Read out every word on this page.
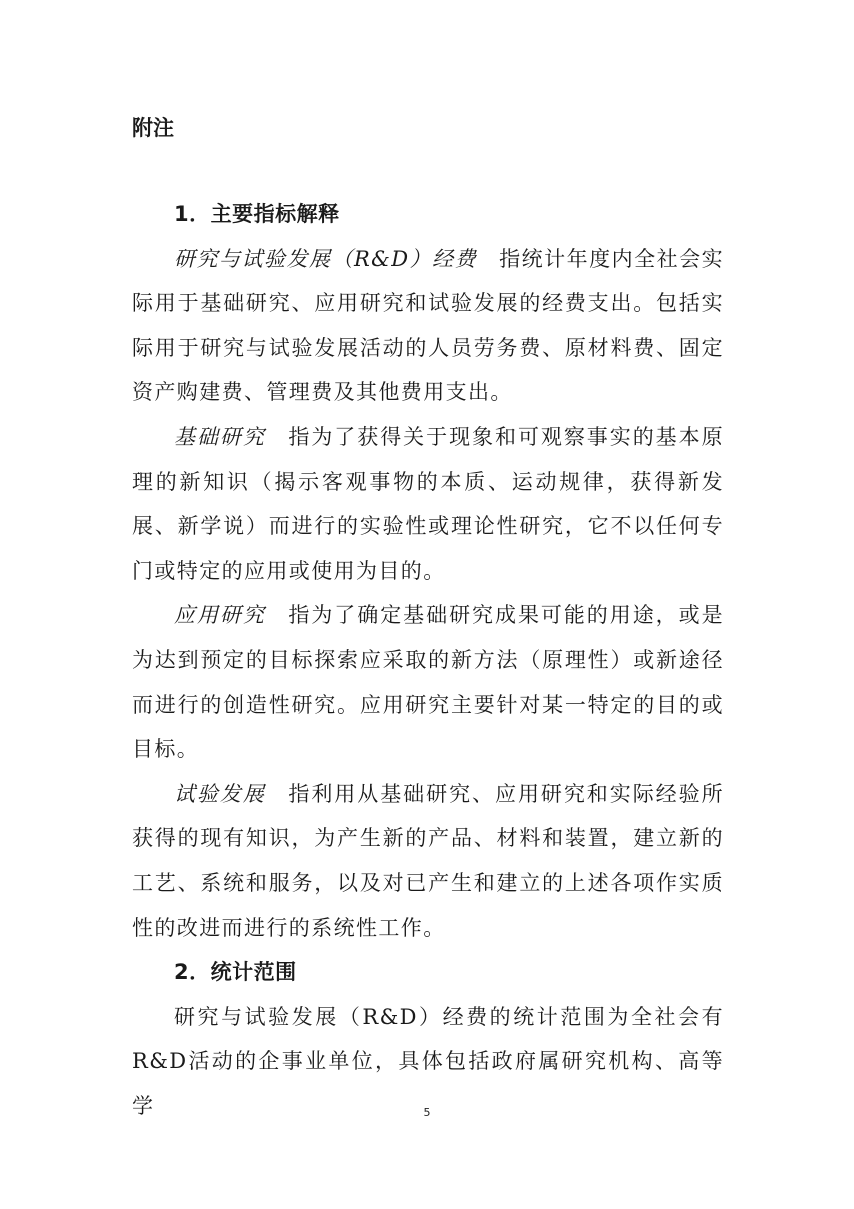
附注

1．主要指标解释

研究与试验发展（R&D）经费 指统计年度内全社会实际用于基础研究、应用研究和试验发展的经费支出。包括实际用于研究与试验发展活动的人员劳务费、原材料费、固定资产购建费、管理费及其他费用支出。

基础研究 指为了获得关于现象和可观察事实的基本原理的新知识（揭示客观事物的本质、运动规律，获得新发展、新学说）而进行的实验性或理论性研究，它不以任何专门或特定的应用或使用为目的。

应用研究 指为了确定基础研究成果可能的用途，或是为达到预定的目标探索应采取的新方法（原理性）或新途径而进行的创造性研究。应用研究主要针对某一特定的目的或目标。

试验发展 指利用从基础研究、应用研究和实际经验所获得的现有知识，为产生新的产品、材料和装置，建立新的工艺、系统和服务，以及对已产生和建立的上述各项作实质性的改进而进行的系统性工作。

2．统计范围

研究与试验发展（R&D）经费的统计范围为全社会有R&D活动的企事业单位，具体包括政府属研究机构、高等学	5
